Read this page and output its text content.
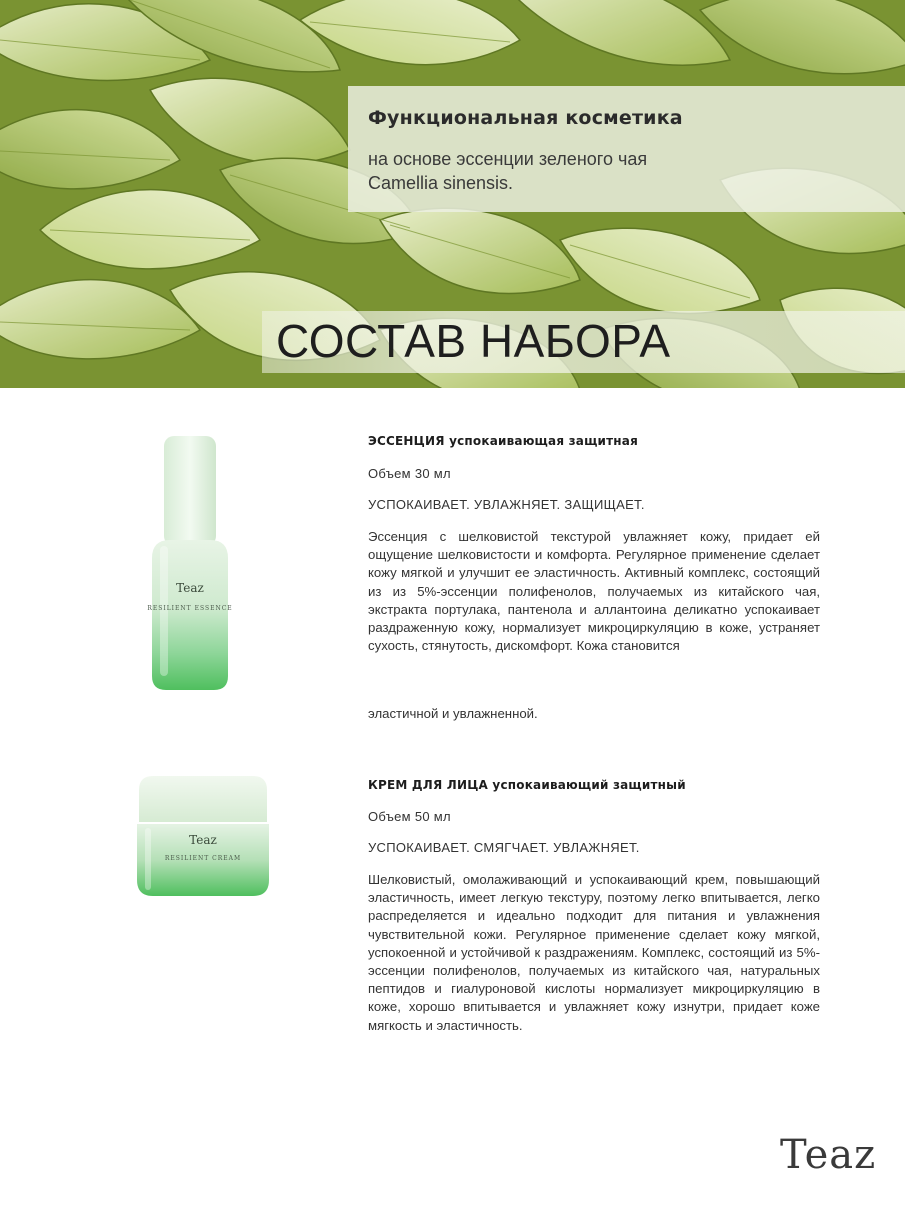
Функциональная косметика
на основе эссенции зеленого чая
Camellia sinensis.
СОСТАВ НАБОРА
Teaz
RESILIENT ESSENCE
ЭССЕНЦИЯ успокаивающая защитная
Объем 30 мл
УСПОКАИВАЕТ. УВЛАЖНЯЕТ. ЗАЩИЩАЕТ.
Эссенция с шелковистой текстурой увлажняет кожу, придает ей ощущение шелковистости и комфорта. Регулярное применение сделает кожу мягкой и улучшит ее эластичность. Активный комплекс, состоящий из из 5%-эссенции полифенолов, получаемых из китайского чая, экстракта портулака, пантенола и аллантоина деликатно успокаивает раздраженную кожу, нормализует микроциркуляцию в коже, устраняет сухость, стянутость, дискомфорт. Кожа становится
эластичной и увлажненной.
Teaz
RESILIENT CREAM
КРЕМ ДЛЯ ЛИЦА успокаивающий защитный
Объем 50 мл
УСПОКАИВАЕТ. СМЯГЧАЕТ. УВЛАЖНЯЕТ.
Шелковистый, омолаживающий и успокаивающий крем, повышающий эластичность, имеет легкую текстуру, поэтому легко впитывается, легко распределяется и идеально подходит для питания и увлажнения чувствительной кожи. Регулярное применение сделает кожу мягкой, успокоенной и устойчивой к раздражениям. Комплекс, состоящий из 5%-эссенции полифенолов, получаемых из китайского чая, натуральных пептидов и гиалуроновой кислоты нормализует микроциркуляцию в коже, хорошо впитывается и увлажняет кожу изнутри, придает коже мягкость и эластичность.
Teaz
